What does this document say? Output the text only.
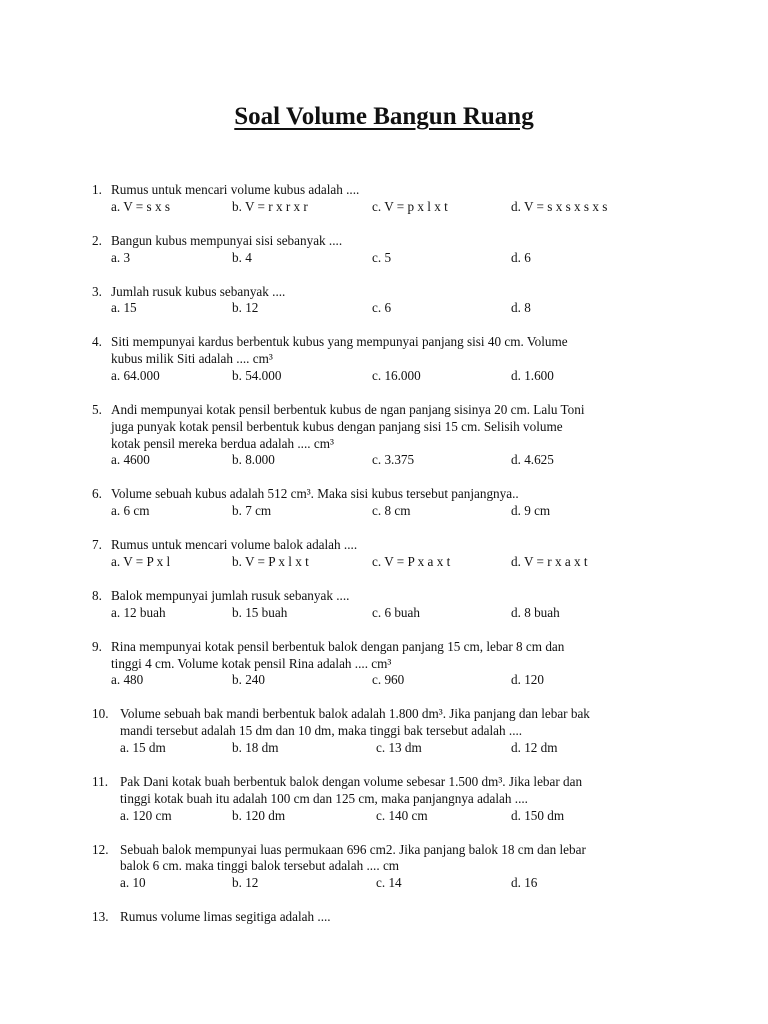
Soal Volume Bangun Ruang
1. Rumus untuk mencari volume kubus adalah ....
a. V = s x s	b. V = r x r x r	c. V = p x l x t	d. V = s x s x s x s
2. Bangun kubus mempunyai sisi sebanyak ....
a. 3	b. 4	c. 5	d. 6
3. Jumlah rusuk kubus sebanyak ....
a. 15	b. 12	c. 6	d. 8
4. Siti mempunyai kardus berbentuk kubus yang mempunyai panjang sisi 40 cm. Volume
kubus milik Siti adalah .... cm³
a. 64.000	b. 54.000	c. 16.000	d. 1.600
5. Andi mempunyai kotak pensil berbentuk kubus de ngan panjang sisinya 20 cm. Lalu Toni
juga punyak kotak pensil berbentuk kubus dengan panjang sisi 15 cm. Selisih volume
kotak pensil mereka berdua adalah .... cm³
a. 4600	b. 8.000	c. 3.375	d. 4.625
6. Volume sebuah kubus adalah 512 cm³. Maka sisi kubus tersebut panjangnya..
a. 6 cm	b. 7 cm	c. 8 cm	d. 9 cm
7. Rumus untuk mencari volume balok adalah ....
a. V = P x l	b. V = P x l x t	c. V = P x a x t	d. V = r x a x t
8. Balok mempunyai jumlah rusuk sebanyak ....
a. 12 buah	b. 15 buah	c. 6 buah	d. 8 buah
9. Rina mempunyai kotak pensil berbentuk balok dengan panjang 15 cm, lebar 8 cm dan
tinggi 4 cm. Volume kotak pensil Rina adalah .... cm³
a. 480	b. 240	c. 960	d. 120
10. Volume sebuah bak mandi berbentuk balok adalah 1.800 dm³. Jika panjang dan lebar bak
mandi tersebut adalah 15 dm dan 10 dm, maka tinggi bak tersebut adalah ....
a. 15 dm	b. 18 dm	c. 13 dm	d. 12 dm
11. Pak Dani kotak buah berbentuk balok dengan volume sebesar 1.500 dm³. Jika lebar dan
tinggi kotak buah itu adalah 100 cm dan 125 cm, maka panjangnya adalah ....
a. 120 cm	b. 120 dm	c. 140 cm	d. 150 dm
12. Sebuah balok mempunyai luas permukaan 696 cm2. Jika panjang balok 18 cm dan lebar
balok 6 cm. maka tinggi balok tersebut adalah .... cm
a. 10	b. 12	c. 14	d. 16
13. Rumus volume limas segitiga adalah ....
